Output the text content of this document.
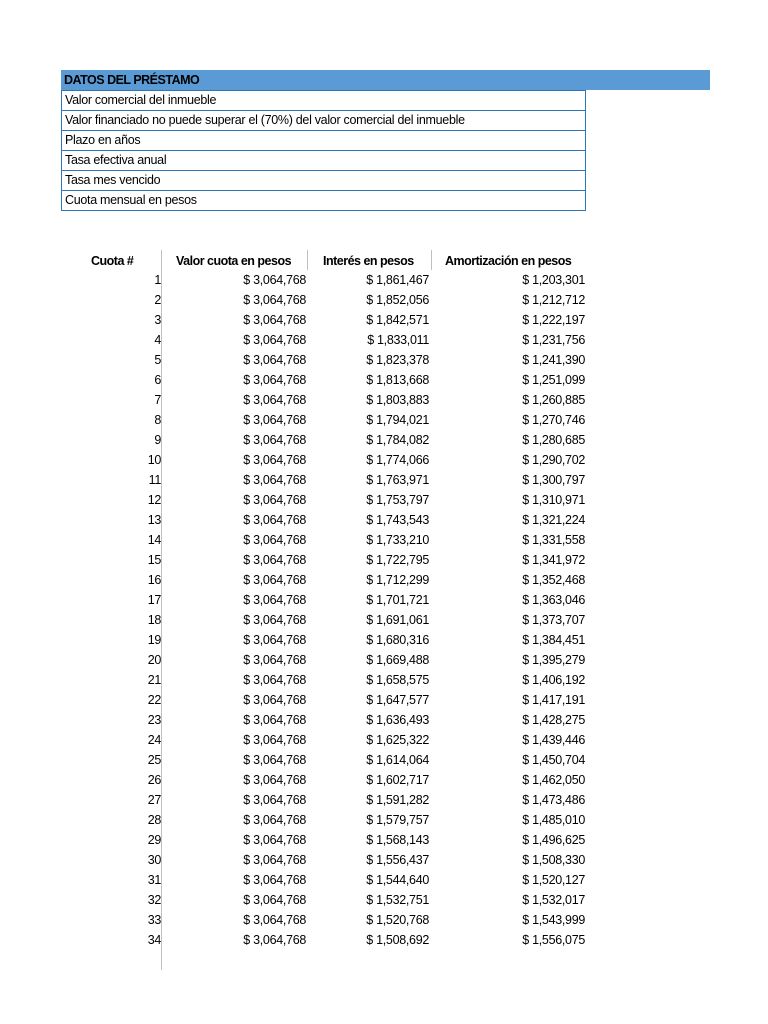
DATOS DEL PRÉSTAMO
Valor comercial del inmueble
Valor financiado no puede superar el (70%) del valor comercial del inmueble
Plazo en años
Tasa efectiva anual
Tasa mes vencido
Cuota mensual en pesos
Cuota #	Valor cuota en pesos	Interés en pesos	Amortización en pesos
1	$ 3,064,768	$ 1,861,467	$ 1,203,301
2	$ 3,064,768	$ 1,852,056	$ 1,212,712
3	$ 3,064,768	$ 1,842,571	$ 1,222,197
4	$ 3,064,768	$ 1,833,011	$ 1,231,756
5	$ 3,064,768	$ 1,823,378	$ 1,241,390
6	$ 3,064,768	$ 1,813,668	$ 1,251,099
7	$ 3,064,768	$ 1,803,883	$ 1,260,885
8	$ 3,064,768	$ 1,794,021	$ 1,270,746
9	$ 3,064,768	$ 1,784,082	$ 1,280,685
10	$ 3,064,768	$ 1,774,066	$ 1,290,702
11	$ 3,064,768	$ 1,763,971	$ 1,300,797
12	$ 3,064,768	$ 1,753,797	$ 1,310,971
13	$ 3,064,768	$ 1,743,543	$ 1,321,224
14	$ 3,064,768	$ 1,733,210	$ 1,331,558
15	$ 3,064,768	$ 1,722,795	$ 1,341,972
16	$ 3,064,768	$ 1,712,299	$ 1,352,468
17	$ 3,064,768	$ 1,701,721	$ 1,363,046
18	$ 3,064,768	$ 1,691,061	$ 1,373,707
19	$ 3,064,768	$ 1,680,316	$ 1,384,451
20	$ 3,064,768	$ 1,669,488	$ 1,395,279
21	$ 3,064,768	$ 1,658,575	$ 1,406,192
22	$ 3,064,768	$ 1,647,577	$ 1,417,191
23	$ 3,064,768	$ 1,636,493	$ 1,428,275
24	$ 3,064,768	$ 1,625,322	$ 1,439,446
25	$ 3,064,768	$ 1,614,064	$ 1,450,704
26	$ 3,064,768	$ 1,602,717	$ 1,462,050
27	$ 3,064,768	$ 1,591,282	$ 1,473,486
28	$ 3,064,768	$ 1,579,757	$ 1,485,010
29	$ 3,064,768	$ 1,568,143	$ 1,496,625
30	$ 3,064,768	$ 1,556,437	$ 1,508,330
31	$ 3,064,768	$ 1,544,640	$ 1,520,127
32	$ 3,064,768	$ 1,532,751	$ 1,532,017
33	$ 3,064,768	$ 1,520,768	$ 1,543,999
34	$ 3,064,768	$ 1,508,692	$ 1,556,075
